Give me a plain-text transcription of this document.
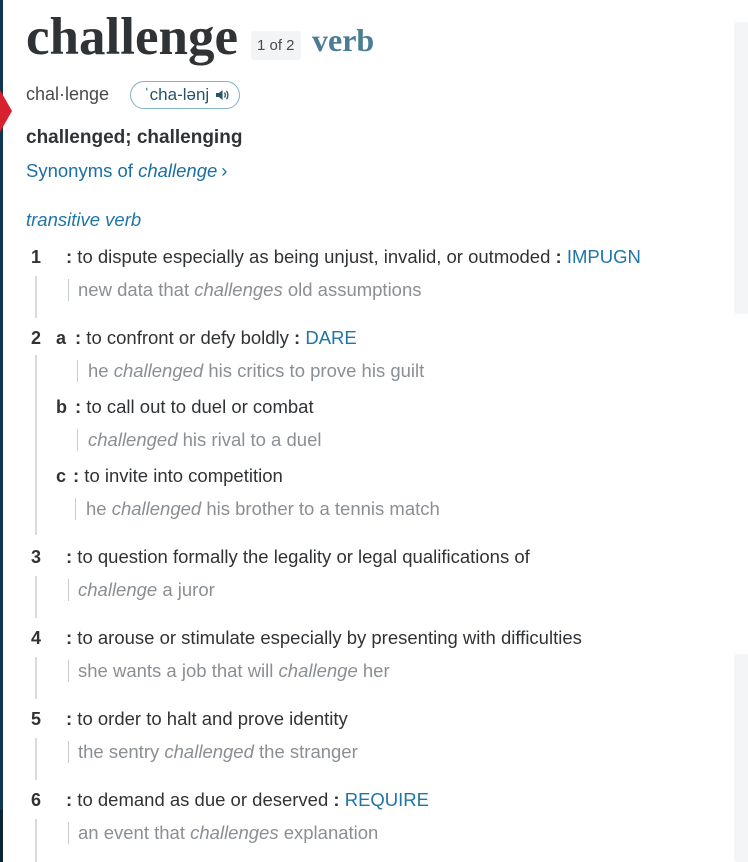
challenge	1 of 2 verb
chal·lenge ˈcha-lənj
challenged; challenging
Synonyms of challenge ›
transitive verb
1 : to dispute especially as being unjust, invalid, or outmoded : IMPUGN
new data that challenges old assumptions
2 a : to confront or defy boldly : DARE
he challenged his critics to prove his guilt
b : to call out to duel or combat
challenged his rival to a duel
c : to invite into competition
he challenged his brother to a tennis match
3 : to question formally the legality or legal qualifications of
challenge a juror
4 : to arouse or stimulate especially by presenting with difficulties
she wants a job that will challenge her
5 : to order to halt and prove identity
the sentry challenged the stranger
6 : to demand as due or deserved : REQUIRE
an event that challenges explanation
